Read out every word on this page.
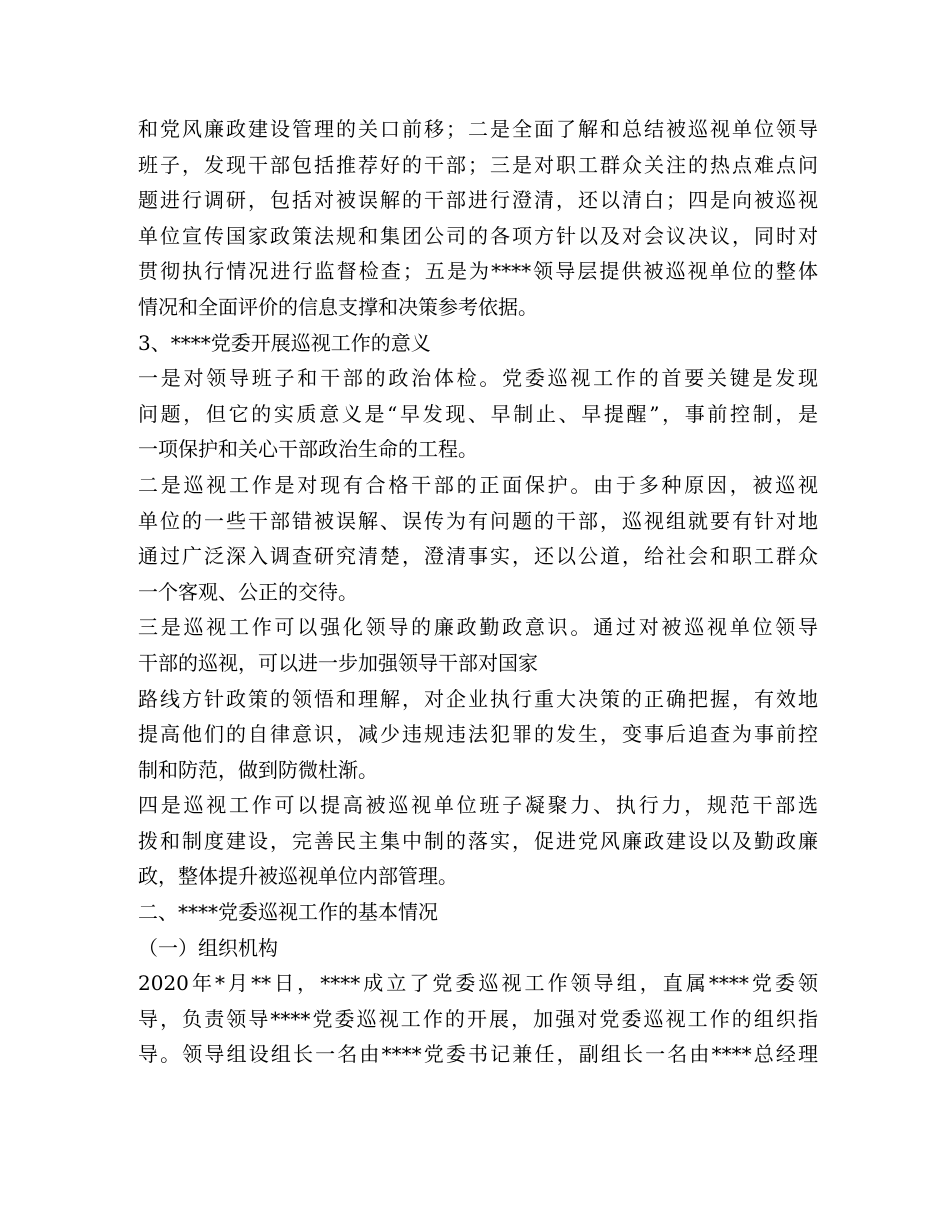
和党风廉政建设管理的关口前移；二是全面了解和总结被巡视单位领导
班子，发现干部包括推荐好的干部；三是对职工群众关注的热点难点问
题进行调研，包括对被误解的干部进行澄清，还以清白；四是向被巡视
单位宣传国家政策法规和集团公司的各项方针以及对会议决议，同时对
贯彻执行情况进行监督检查；五是为****领导层提供被巡视单位的整体
情况和全面评价的信息支撑和决策参考依据。
3、****党委开展巡视工作的意义
一是对领导班子和干部的政治体检。党委巡视工作的首要关键是发现
问题，但它的实质意义是“早发现、早制止、早提醒”，事前控制，是
一项保护和关心干部政治生命的工程。
二是巡视工作是对现有合格干部的正面保护。由于多种原因，被巡视
单位的一些干部错被误解、误传为有问题的干部，巡视组就要有针对地
通过广泛深入调查研究清楚，澄清事实，还以公道，给社会和职工群众
一个客观、公正的交待。
三是巡视工作可以强化领导的廉政勤政意识。通过对被巡视单位领导
干部的巡视，可以进一步加强领导干部对国家
路线方针政策的领悟和理解，对企业执行重大决策的正确把握，有效地
提高他们的自律意识，减少违规违法犯罪的发生，变事后追查为事前控
制和防范，做到防微杜渐。
四是巡视工作可以提高被巡视单位班子凝聚力、执行力，规范干部选
拨和制度建设，完善民主集中制的落实，促进党风廉政建设以及勤政廉
政，整体提升被巡视单位内部管理。
二、****党委巡视工作的基本情况
（一）组织机构
2020年*月**日，****成立了党委巡视工作领导组，直属****党委领
导，负责领导****党委巡视工作的开展，加强对党委巡视工作的组织指
导。领导组设组长一名由****党委书记兼任，副组长一名由****总经理
